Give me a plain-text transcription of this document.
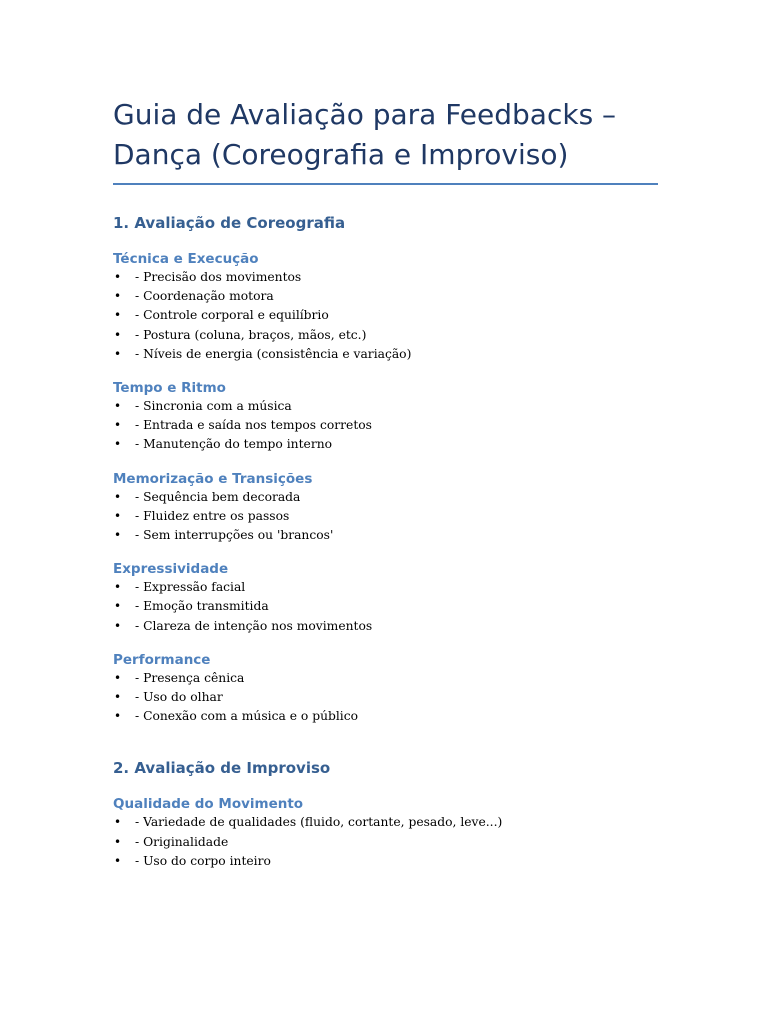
Guia de Avaliação para Feedbacks –
Dança (Coreografia e Improviso)
1. Avaliação de Coreografia
Técnica e Execução
• - Precisão dos movimentos
• - Coordenação motora
• - Controle corporal e equilíbrio
• - Postura (coluna, braços, mãos, etc.)
• - Níveis de energia (consistência e variação)
Tempo e Ritmo
• - Sincronia com a música
• - Entrada e saída nos tempos corretos
• - Manutenção do tempo interno
Memorização e Transições
• - Sequência bem decorada
• - Fluidez entre os passos
• - Sem interrupções ou 'brancos'
Expressividade
• - Expressão facial
• - Emoção transmitida
• - Clareza de intenção nos movimentos
Performance
• - Presença cênica
• - Uso do olhar
• - Conexão com a música e o público
2. Avaliação de Improviso
Qualidade do Movimento
• - Variedade de qualidades (fluido, cortante, pesado, leve...)
• - Originalidade
• - Uso do corpo inteiro
